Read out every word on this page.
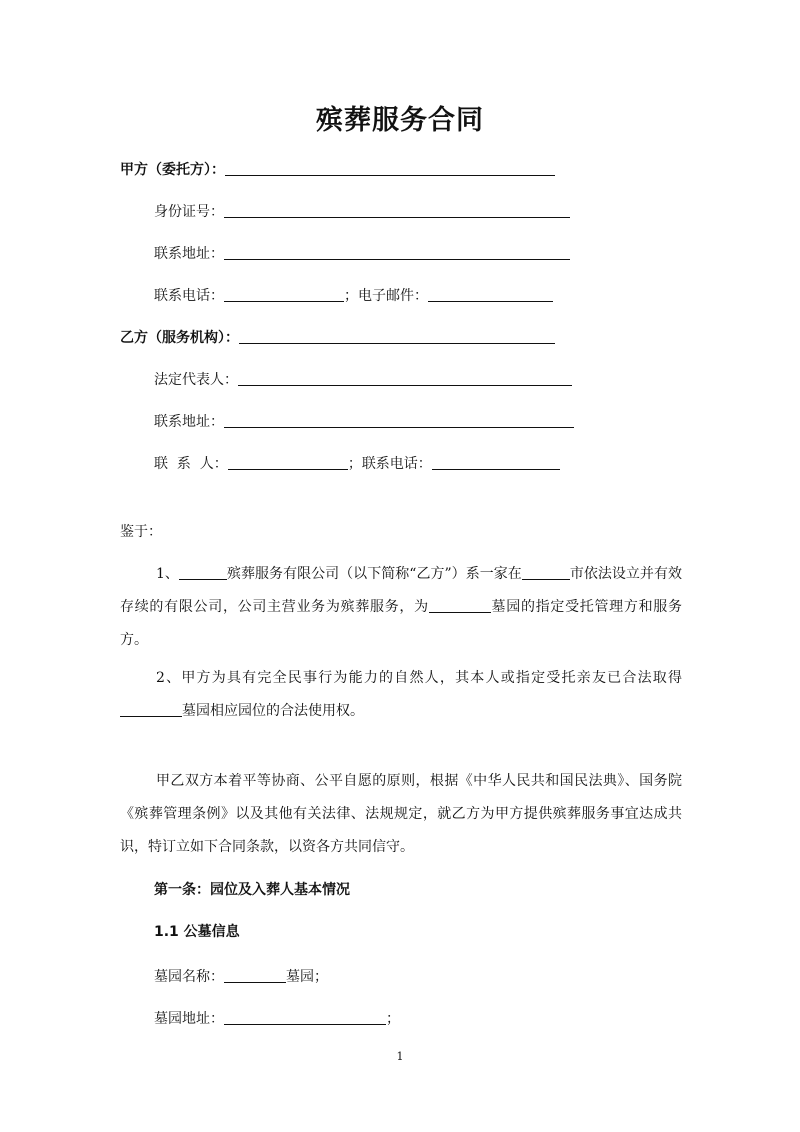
殡葬服务合同
甲方（委托方）：
身份证号：
联系地址：
联系电话：	；电子邮件：
乙方（服务机构）：
法定代表人：
联系地址：
联  系  人：	；联系电话：
鉴于：

1、	殡葬服务有限公司（以下简称“乙方”）系一家在	市依法设立并有效存续的有限公司，公司主营业务为殡葬服务，为	墓园的指定受托管理方和服务方。

2、甲方为具有完全民事行为能力的自然人，其本人或指定受托亲友已合法取得墓园相应园位的合法使用权。

甲乙双方本着平等协商、公平自愿的原则，根据《中华人民共和国民法典》、国务院《殡葬管理条例》以及其他有关法律、法规规定，就乙方为甲方提供殡葬服务事宜达成共识，特订立如下合同条款，以资各方共同信守。

第一条：园位及入葬人基本情况
1.1 公墓信息
墓园名称：	墓园；
墓园地址：	；
1
